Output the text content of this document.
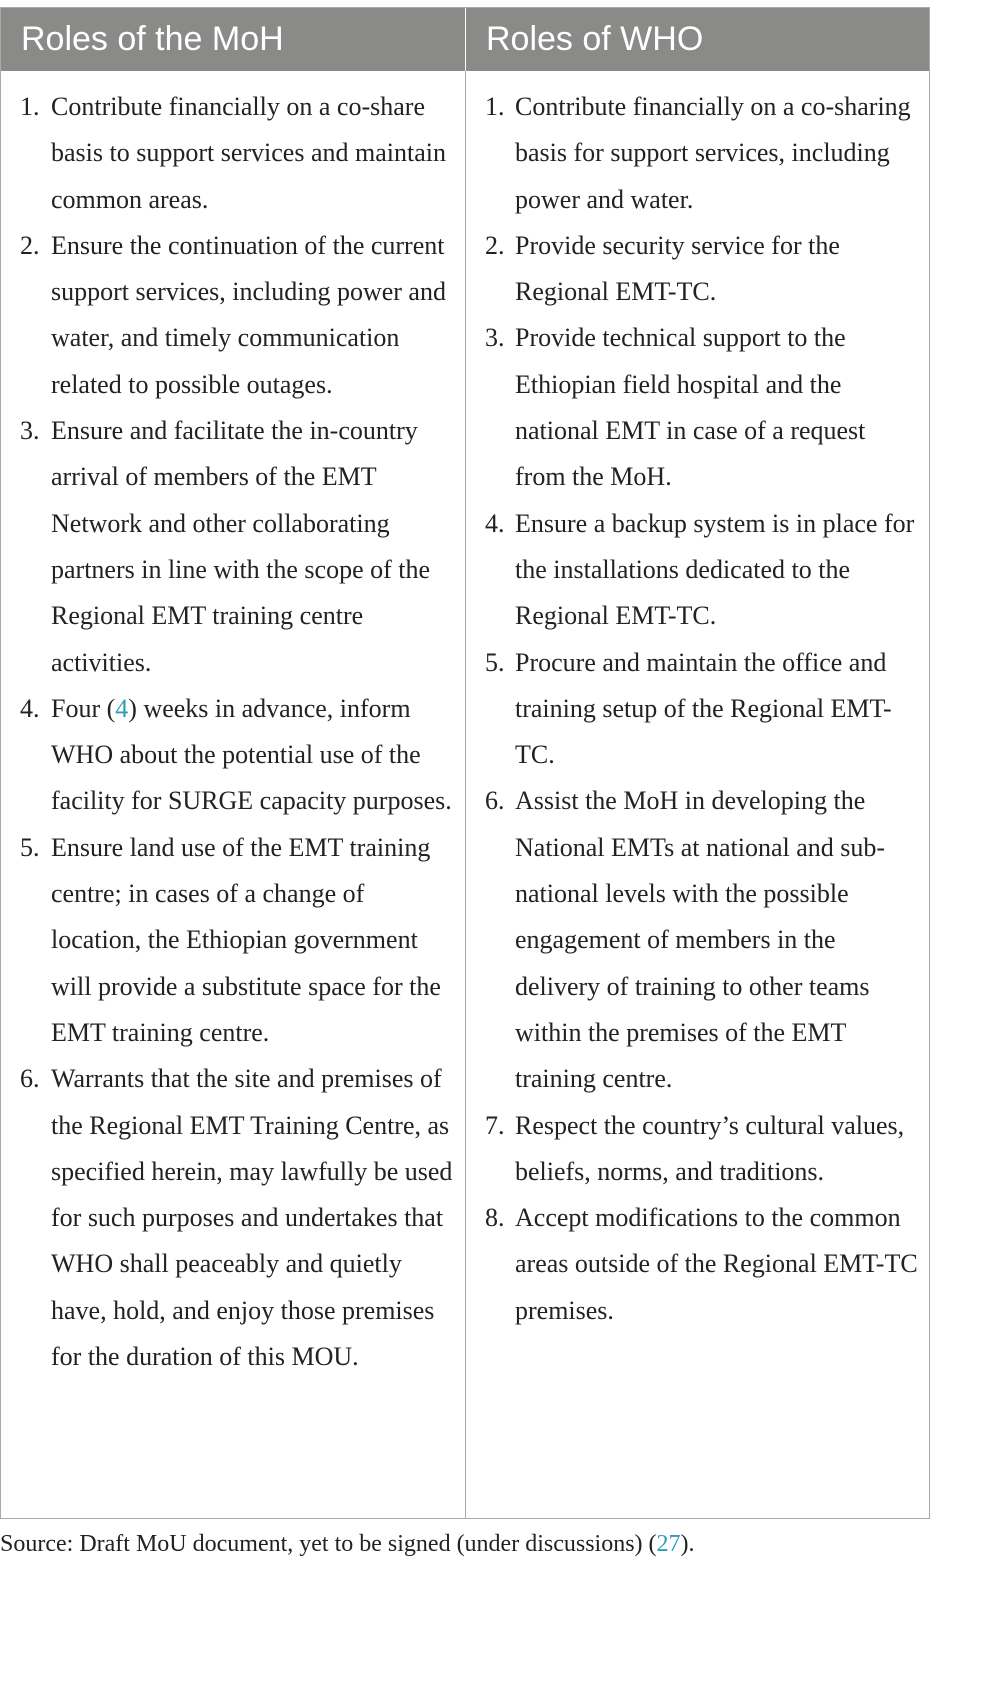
Roles of the MoH	Roles of WHO
1. Contribute financially on a co-share basis to support services and maintain common areas.
2. Ensure the continuation of the current support services, including power and water, and timely communication related to possible outages.
3. Ensure and facilitate the in-country arrival of members of the EMT Network and other collaborating partners in line with the scope of the Regional EMT training centre activities.
4. Four (4) weeks in advance, inform WHO about the potential use of the facility for SURGE capacity purposes.
5. Ensure land use of the EMT training centre; in cases of a change of location, the Ethiopian government will provide a substitute space for the EMT training centre.
6. Warrants that the site and premises of the Regional EMT Training Centre, as specified herein, may lawfully be used for such purposes and undertakes that WHO shall peaceably and quietly have, hold, and enjoy those premises for the duration of this MOU.
1. Contribute financially on a co-sharing basis for support services, including power and water.
2. Provide security service for the Regional EMT-TC.
3. Provide technical support to the Ethiopian field hospital and the national EMT in case of a request from the MoH.
4. Ensure a backup system is in place for the installations dedicated to the Regional EMT-TC.
5. Procure and maintain the office and training setup of the Regional EMT-TC.
6. Assist the MoH in developing the National EMTs at national and sub-national levels with the possible engagement of members in the delivery of training to other teams within the premises of the EMT training centre.
7. Respect the country’s cultural values, beliefs, norms, and traditions.
8. Accept modifications to the common areas outside of the Regional EMT-TC premises.
Source: Draft MoU document, yet to be signed (under discussions) (27).
